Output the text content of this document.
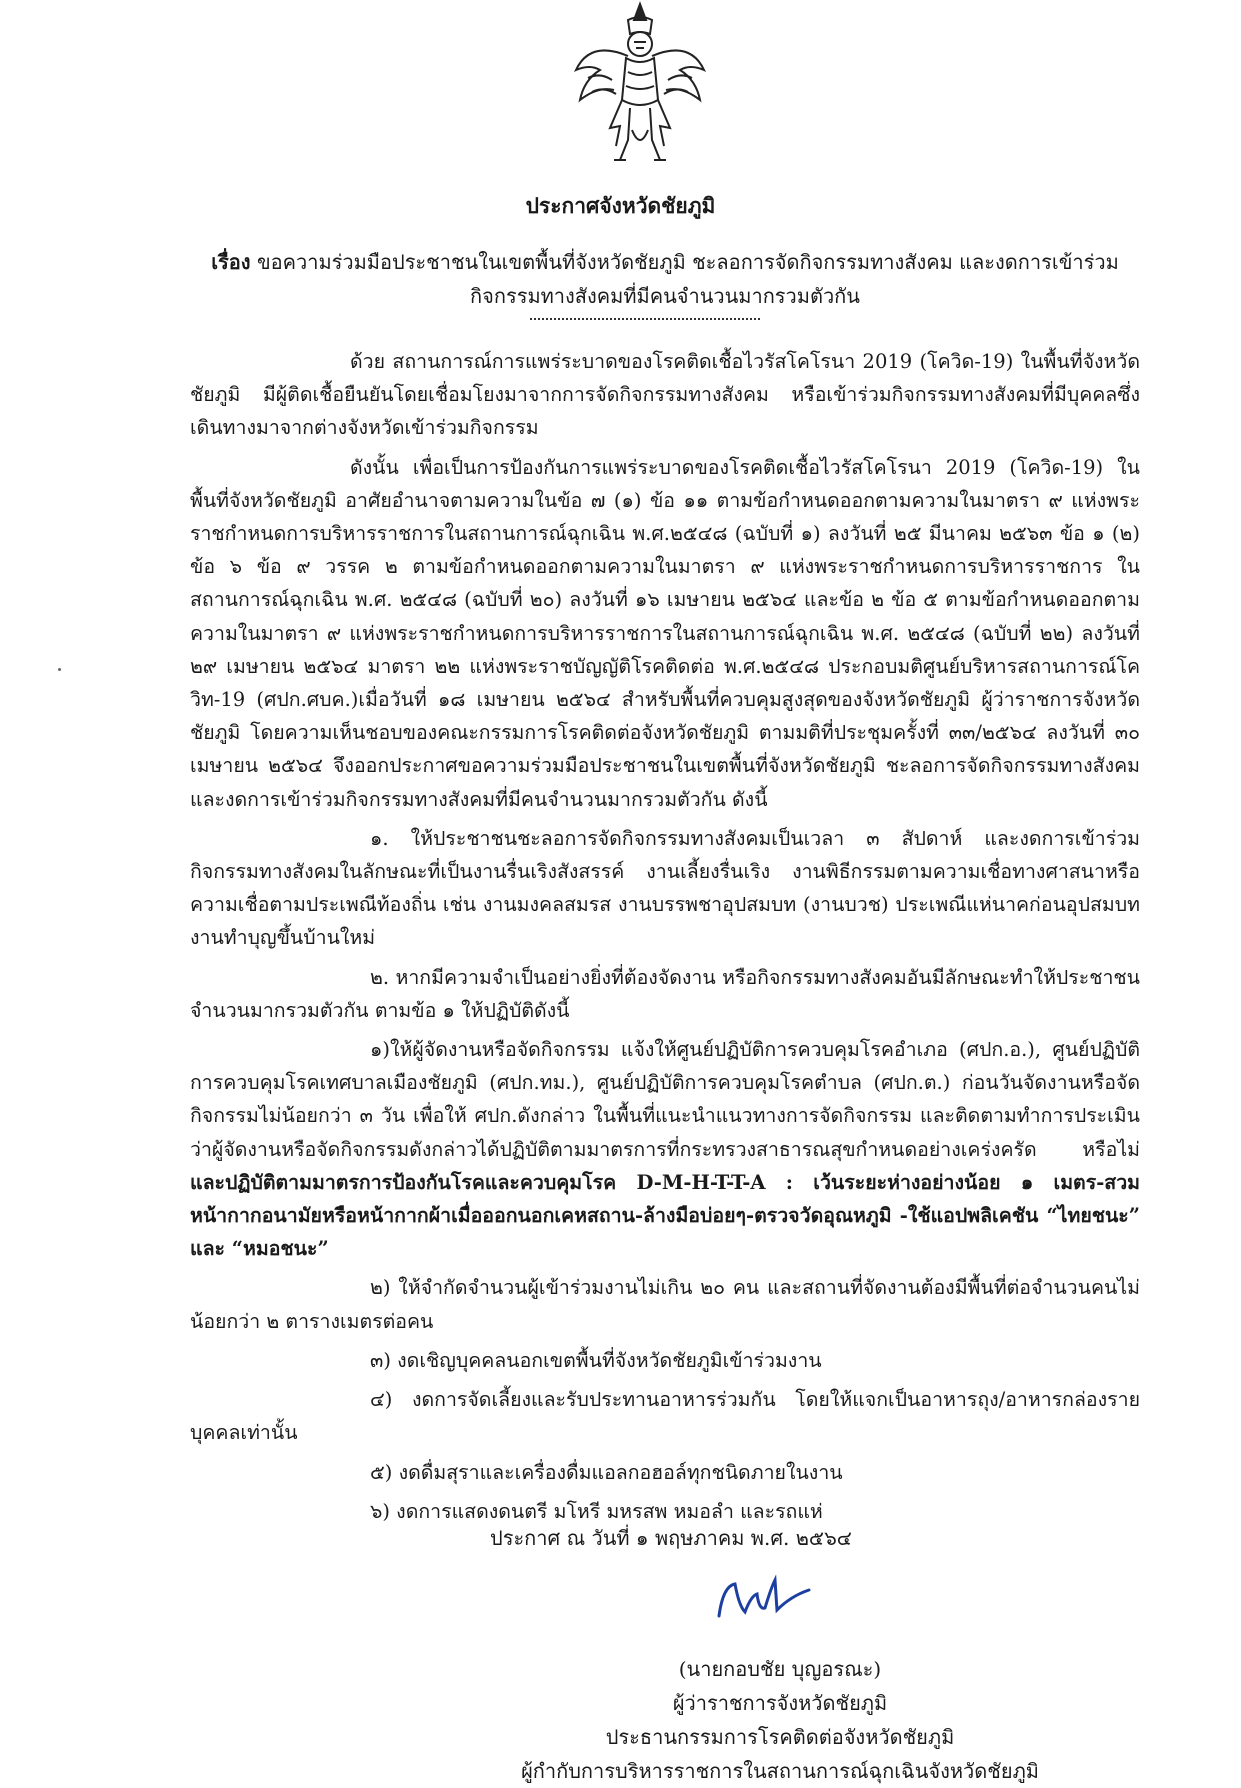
ประกาศจังหวัดชัยภูมิ
เรื่อง ขอความร่วมมือประชาชนในเขตพื้นที่จังหวัดชัยภูมิ ชะลอการจัดกิจกรรมทางสังคม และงดการเข้าร่วม กิจกรรมทางสังคมที่มีคนจำนวนมากรวมตัวกัน

ด้วย สถานการณ์การแพร่ระบาดของโรคติดเชื้อไวรัสโคโรนา 2019 (โควิด-19) ในพื้นที่จังหวัดชัยภูมิ มีผู้ติดเชื้อยืนยันโดยเชื่อมโยงมาจากการจัดกิจกรรมทางสังคม หรือเข้าร่วมกิจกรรมทางสังคมที่มีบุคคลซึ่งเดินทางมาจากต่างจังหวัดเข้าร่วมกิจกรรม

ดังนั้น เพื่อเป็นการป้องกันการแพร่ระบาดของโรคติดเชื้อไวรัสโคโรนา 2019 (โควิด-19) ในพื้นที่จังหวัดชัยภูมิ อาศัยอำนาจตามความในข้อ ๗ (๑) ข้อ ๑๑ ตามข้อกำหนดออกตามความในมาตรา ๙ แห่งพระราชกำหนดการบริหารราชการในสถานการณ์ฉุกเฉิน พ.ศ.๒๕๔๘ (ฉบับที่ ๑) ลงวันที่ ๒๕ มีนาคม ๒๕๖๓ ข้อ ๑ (๒) ข้อ ๖ ข้อ ๙ วรรค ๒ ตามข้อกำหนดออกตามความในมาตรา ๙ แห่งพระราชกำหนดการบริหารราชการ ในสถานการณ์ฉุกเฉิน พ.ศ. ๒๕๔๘ (ฉบับที่ ๒๐) ลงวันที่ ๑๖ เมษายน ๒๕๖๔ และข้อ ๒ ข้อ ๕ ตามข้อกำหนดออกตามความในมาตรา ๙ แห่งพระราชกำหนดการบริหารราชการในสถานการณ์ฉุกเฉิน พ.ศ. ๒๕๔๘ (ฉบับที่ ๒๒) ลงวันที่ ๒๙ เมษายน ๒๕๖๔ มาตรา ๒๒ แห่งพระราชบัญญัติโรคติดต่อ พ.ศ.๒๕๔๘ ประกอบมติศูนย์บริหารสถานการณ์โควิท-19 (ศปก.ศบค.)เมื่อวันที่ ๑๘ เมษายน ๒๕๖๔ สำหรับพื้นที่ควบคุมสูงสุดของจังหวัดชัยภูมิ ผู้ว่าราชการจังหวัดชัยภูมิ โดยความเห็นชอบของคณะกรรมการโรคติดต่อจังหวัดชัยภูมิ ตามมติที่ประชุมครั้งที่ ๓๓/๒๕๖๔ ลงวันที่ ๓๐ เมษายน ๒๕๖๔ จึงออกประกาศขอความร่วมมือประชาชนในเขตพื้นที่จังหวัดชัยภูมิ ชะลอการจัดกิจกรรมทางสังคม และงดการเข้าร่วมกิจกรรมทางสังคมที่มีคนจำนวนมากรวมตัวกัน ดังนี้

๑. ให้ประชาชนชะลอการจัดกิจกรรมทางสังคมเป็นเวลา ๓ สัปดาห์ และงดการเข้าร่วมกิจกรรมทางสังคมในลักษณะที่เป็นงานรื่นเริงสังสรรค์ งานเลี้ยงรื่นเริง งานพิธีกรรมตามความเชื่อทางศาสนาหรือความเชื่อตามประเพณีท้องถิ่น เช่น งานมงคลสมรส งานบรรพชาอุปสมบท (งานบวช) ประเพณีแห่นาคก่อนอุปสมบท งานทำบุญขึ้นบ้านใหม่

๒. หากมีความจำเป็นอย่างยิ่งที่ต้องจัดงาน หรือกิจกรรมทางสังคมอันมีลักษณะทำให้ประชาชนจำนวนมากรวมตัวกัน ตามข้อ ๑ ให้ปฏิบัติดังนี้

๑)ให้ผู้จัดงานหรือจัดกิจกรรม แจ้งให้ศูนย์ปฏิบัติการควบคุมโรคอำเภอ (ศปก.อ.), ศูนย์ปฏิบัติการควบคุมโรคเทศบาลเมืองชัยภูมิ (ศปก.ทม.), ศูนย์ปฏิบัติการควบคุมโรคตำบล (ศปก.ต.) ก่อนวันจัดงานหรือจัดกิจกรรมไม่น้อยกว่า ๓ วัน เพื่อให้ ศปก.ดังกล่าว ในพื้นที่แนะนำแนวทางการจัดกิจกรรม และติดตามทำการประเมินว่าผู้จัดงานหรือจัดกิจกรรมดังกล่าวได้ปฏิบัติตามมาตรการที่กระทรวงสาธารณสุขกำหนดอย่างเคร่งครัด หรือไม่ และปฏิบัติตามมาตรการป้องกันโรคและควบคุมโรค D-M-H-T-T-A : เว้นระยะห่างอย่างน้อย ๑ เมตร-สวมหน้ากากอนามัยหรือหน้ากากผ้าเมื่อออกนอกเคหสถาน-ล้างมือบ่อยๆ-ตรวจวัดอุณหภูมิ -ใช้แอปพลิเคชัน “ไทยชนะ” และ “หมอชนะ”

๒) ให้จำกัดจำนวนผู้เข้าร่วมงานไม่เกิน ๒๐ คน และสถานที่จัดงานต้องมีพื้นที่ต่อจำนวนคนไม่น้อยกว่า ๒ ตารางเมตรต่อคน

๓) งดเชิญบุคคลนอกเขตพื้นที่จังหวัดชัยภูมิเข้าร่วมงาน

๔) งดการจัดเลี้ยงและรับประทานอาหารร่วมกัน โดยให้แจกเป็นอาหารถุง/อาหารกล่องรายบุคคลเท่านั้น

๕) งดดื่มสุราและเครื่องดื่มแอลกอฮอล์ทุกชนิดภายในงาน

๖) งดการแสดงดนตรี มโหรี มหรสพ หมอลำ และรถแห่

ประกาศ ณ วันที่ ๑ พฤษภาคม พ.ศ. ๒๕๖๔
(นายกอบชัย บุญอรณะ)
ผู้ว่าราชการจังหวัดชัยภูมิ
ประธานกรรมการโรคติดต่อจังหวัดชัยภูมิ
ผู้กำกับการบริหารราชการในสถานการณ์ฉุกเฉินจังหวัดชัยภูมิ
